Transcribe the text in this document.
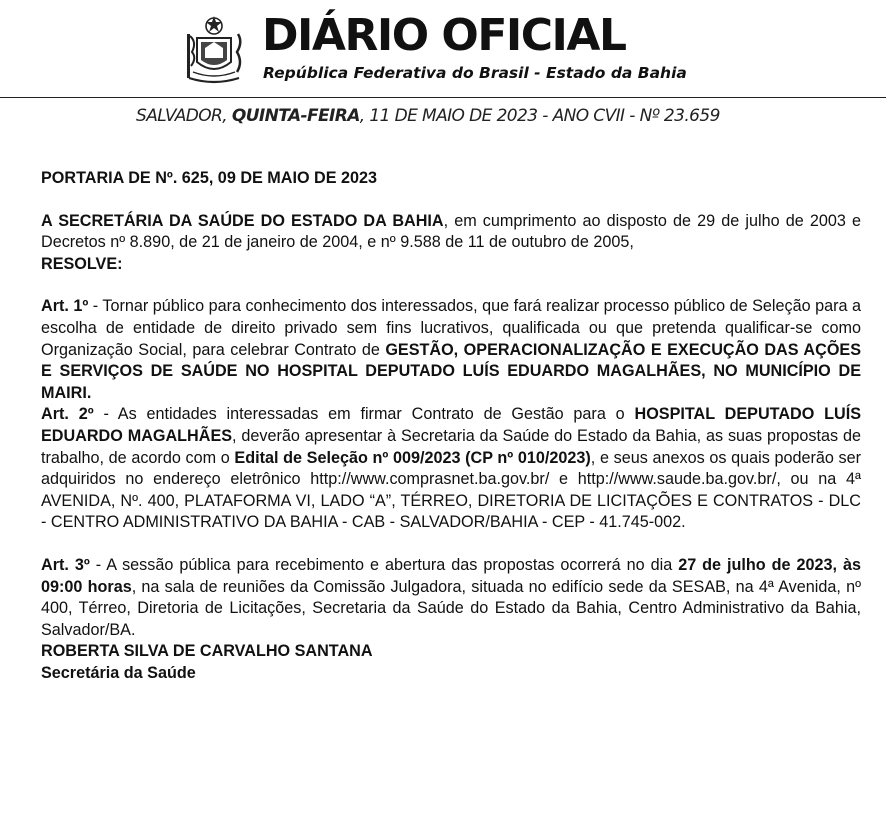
DIÁRIO OFICIAL
República Federativa do Brasil - Estado da Bahia
SALVADOR, QUINTA-FEIRA, 11 DE MAIO DE 2023 - ANO CVII - Nº 23.659

PORTARIA DE Nº. 625, 09 DE MAIO DE 2023

A SECRETÁRIA DA SAÚDE DO ESTADO DA BAHIA, em cumprimento ao disposto de 29 de julho de 2003 e Decretos nº 8.890, de 21 de janeiro de 2004, e nº 9.588 de 11 de outubro de 2005,

RESOLVE:

Art. 1º - Tornar público para conhecimento dos interessados, que fará realizar processo público de Seleção para a escolha de entidade de direito privado sem fins lucrativos, qualificada ou que pretenda qualificar-se como Organização Social, para celebrar Contrato de GESTÃO, OPERACIONALIZAÇÃO E EXECUÇÃO DAS AÇÕES E SERVIÇOS DE SAÚDE NO HOSPITAL DEPUTADO LUÍS EDUARDO MAGALHÃES, NO MUNICÍPIO DE MAIRI.

Art. 2º - As entidades interessadas em firmar Contrato de Gestão para o HOSPITAL DEPUTADO LUÍS EDUARDO MAGALHÃES, deverão apresentar à Secretaria da Saúde do Estado da Bahia, as suas propostas de trabalho, de acordo com o Edital de Seleção nº 009/2023 (CP nº 010/2023), e seus anexos os quais poderão ser adquiridos no endereço eletrônico http://www.comprasnet.ba.gov.br/ e http://www.saude.ba.gov.br/, ou na 4ª AVENIDA, Nº. 400, PLATAFORMA VI, LADO “A”, TÉRREO, DIRETORIA DE LICITAÇÕES E CONTRATOS - DLC - CENTRO ADMINISTRATIVO DA BAHIA - CAB - SALVADOR/BAHIA - CEP - 41.745-002.

Art. 3º - A sessão pública para recebimento e abertura das propostas ocorrerá no dia 27 de julho de 2023, às 09:00 horas, na sala de reuniões da Comissão Julgadora, situada no edifício sede da SESAB, na 4ª Avenida, nº 400, Térreo, Diretoria de Licitações, Secretaria da Saúde do Estado da Bahia, Centro Administrativo da Bahia, Salvador/BA.

ROBERTA SILVA DE CARVALHO SANTANA

Secretária da Saúde
